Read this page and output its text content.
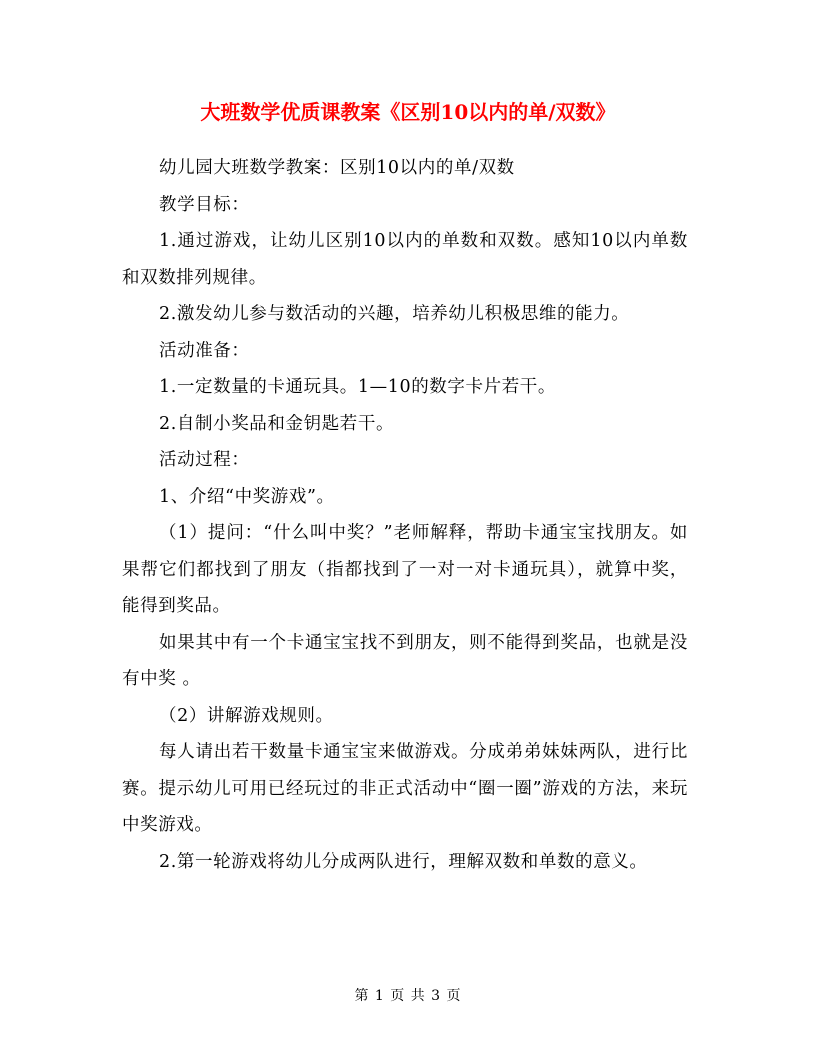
大班数学优质课教案《区别10以内的单/双数》

幼儿园大班数学教案：区别10以内的单/双数

教学目标：

1.通过游戏，让幼儿区别10以内的单数和双数。感知10以内单数和双数排列规律。

2.激发幼儿参与数活动的兴趣，培养幼儿积极思维的能力。

活动准备：

1.一定数量的卡通玩具。1—10的数字卡片若干。

2.自制小奖品和金钥匙若干。

活动过程：

1、介绍“中奖游戏”。

（1）提问：“什么叫中奖？”老师解释，帮助卡通宝宝找朋友。如果帮它们都找到了朋友（指都找到了一对一对卡通玩具），就算中奖，能得到奖品。

如果其中有一个卡通宝宝找不到朋友，则不能得到奖品，也就是没有中奖 。

（2）讲解游戏规则。

每人请出若干数量卡通宝宝来做游戏。分成弟弟妹妹两队，进行比赛。提示幼儿可用已经玩过的非正式活动中“圈一圈”游戏的方法，来玩中奖游戏。

2.第一轮游戏将幼儿分成两队进行，理解双数和单数的意义。

第 1 页 共 3 页
